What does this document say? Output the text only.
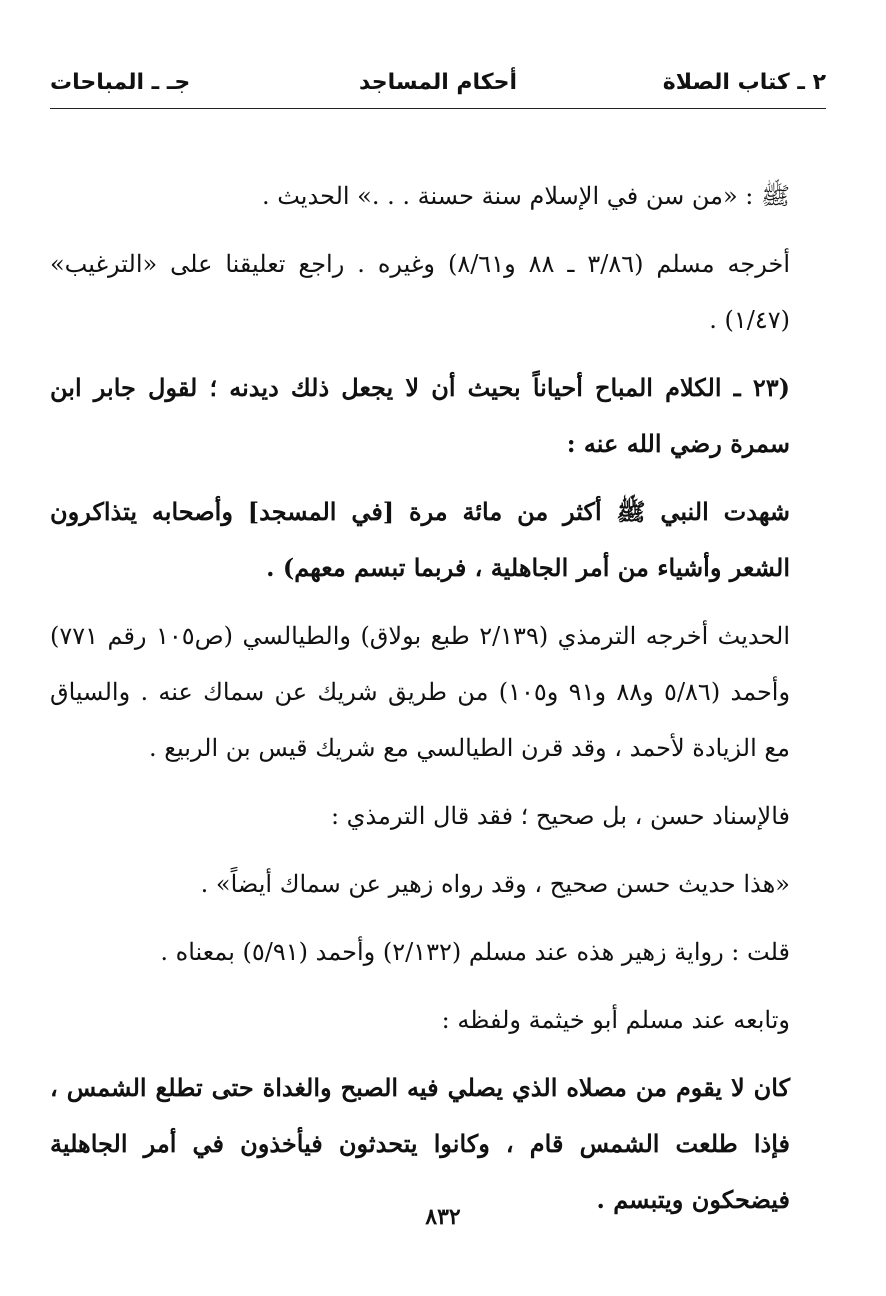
٢ ـ كتاب الصلاة
أحكام المساجد
جـ ـ المباحات

ﷺ : «من سن في الإسلام سنة حسنة . . .» الحديث .

أخرجه مسلم (٣/٨٦ ـ ٨٨ و٨/٦١) وغيره . راجع تعليقنا على «الترغيب» (١/٤٧) .

(٢٣ ـ الكلام المباح أحياناً بحيث أن لا يجعل ذلك ديدنه ؛ لقول جابر ابن سمرة رضي الله عنه :

شهدت النبي ﷺ أكثر من مائة مرة [في المسجد] وأصحابه يتذاكرون الشعر وأشياء من أمر الجاهلية ، فربما تبسم معهم) .

الحديث أخرجه الترمذي (٢/١٣٩ طبع بولاق) والطيالسي (ص١٠٥ رقم ٧٧١) وأحمد (٥/٨٦ و٨٨ و٩١ و١٠٥) من طريق شريك عن سماك عنه . والسياق مع الزيادة لأحمد ، وقد قرن الطيالسي مع شريك قيس بن الربيع .

فالإسناد حسن ، بل صحيح ؛ فقد قال الترمذي :

«هذا حديث حسن صحيح ، وقد رواه زهير عن سماك أيضاً» .

قلت : رواية زهير هذه عند مسلم (٢/١٣٢) وأحمد (٥/٩١) بمعناه .

وتابعه عند مسلم أبو خيثمة ولفظه :

كان لا يقوم من مصلاه الذي يصلي فيه الصبح والغداة حتى تطلع الشمس ، فإذا طلعت الشمس قام ، وكانوا يتحدثون فيأخذون في أمر الجاهلية فيضحكون ويتبسم .

٨٣٢
